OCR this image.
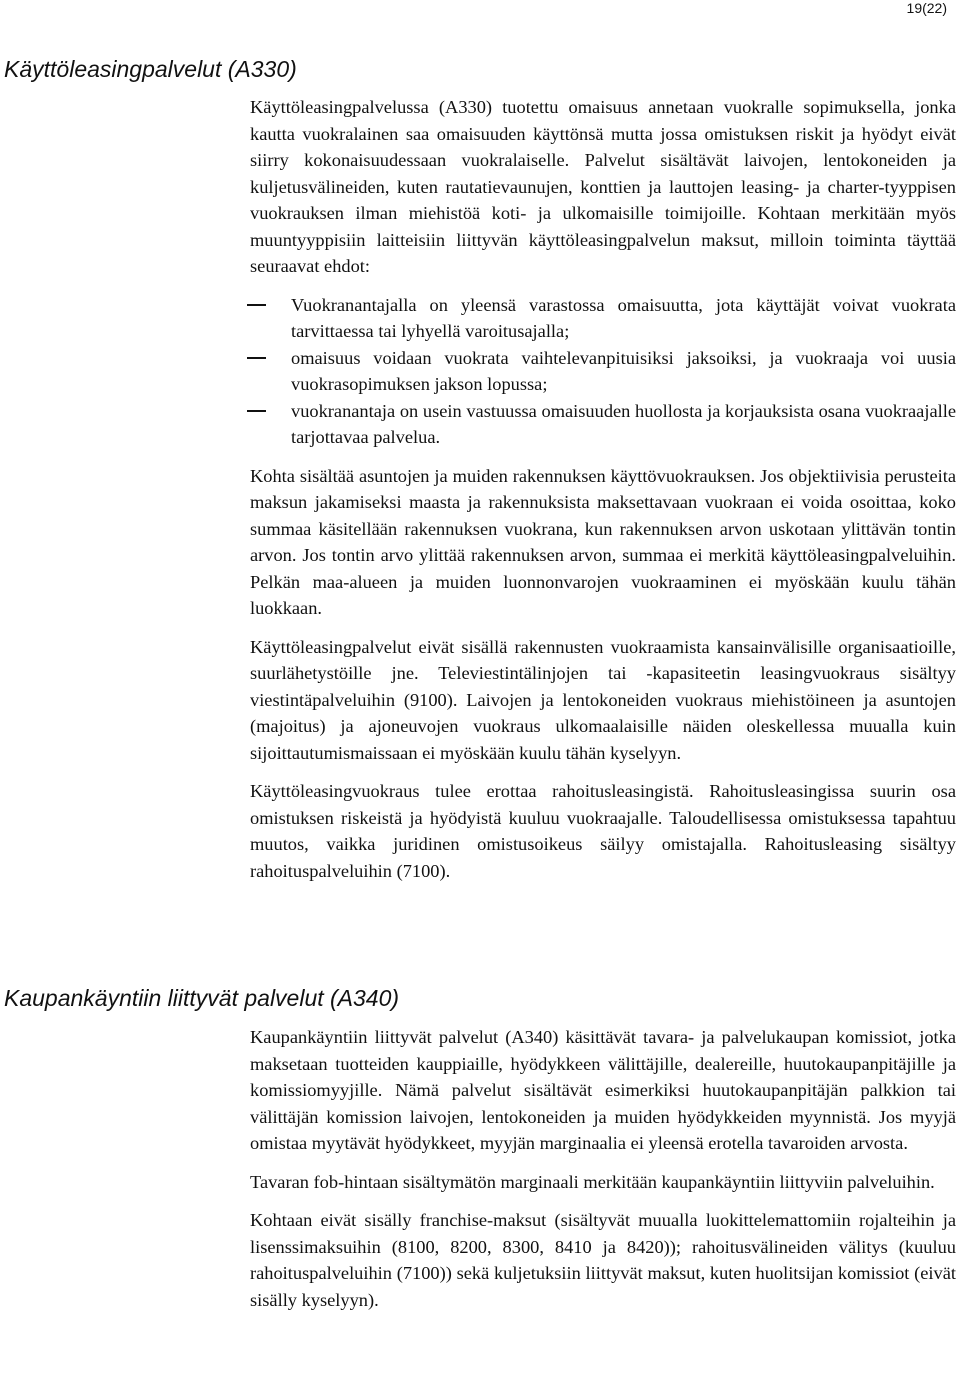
19(22)
Käyttöleasingpalvelut (A330)

Käyttöleasingpalvelussa (A330) tuotettu omaisuus annetaan vuokralle sopimuksella, jonka kautta vuokralainen saa omaisuuden käyttönsä mutta jossa omistuksen riskit ja hyödyt eivät siirry kokonaisuudessaan vuokralaiselle. Palvelut sisältävät laivojen, lentokoneiden ja kuljetusvälineiden, kuten rautatievaunujen, konttien ja lauttojen leasing- ja charter-tyyppisen vuokrauksen ilman miehistöä koti- ja ulkomaisille toimijoille. Kohtaan merkitään myös muuntyyppisiin laitteisiin liittyvän käyttöleasingpalvelun maksut, milloin toiminta täyttää seuraavat ehdot:

Vuokranantajalla on yleensä varastossa omaisuutta, jota käyttäjät voivat vuokrata tarvittaessa tai lyhyellä varoitusajalla;
omaisuus voidaan vuokrata vaihtelevanpituisiksi jaksoiksi, ja vuokraaja voi uusia vuokrasopimuksen jakson lopussa;
vuokranantaja on usein vastuussa omaisuuden huollosta ja korjauksista osana vuokraajalle tarjottavaa palvelua.

Kohta sisältää asuntojen ja muiden rakennuksen käyttövuokrauksen. Jos objektiivisia perusteita maksun jakamiseksi maasta ja rakennuksista maksettavaan vuokraan ei voida osoittaa, koko summaa käsitellään rakennuksen vuokrana, kun rakennuksen arvon uskotaan ylittävän tontin arvon. Jos tontin arvo ylittää rakennuksen arvon, summaa ei merkitä käyttöleasingpalveluihin. Pelkän maa-alueen ja muiden luonnonvarojen vuokraaminen ei myöskään kuulu tähän luokkaan.

Käyttöleasingpalvelut eivät sisällä rakennusten vuokraamista kansainvälisille organisaatioille, suurlähetystöille jne. Televiestintälinjojen tai -kapasiteetin leasingvuokraus sisältyy viestintäpalveluihin (9100). Laivojen ja lentokoneiden vuokraus miehistöineen ja asuntojen (majoitus) ja ajoneuvojen vuokraus ulkomaalaisille näiden oleskellessa muualla kuin sijoittautumismaissaan ei myöskään kuulu tähän kyselyyn.

Käyttöleasingvuokraus tulee erottaa rahoitusleasingistä. Rahoitusleasingissa suurin osa omistuksen riskeistä ja hyödyistä kuuluu vuokraajalle. Taloudellisessa omistuksessa tapahtuu muutos, vaikka juridinen omistusoikeus säilyy omistajalla. Rahoitusleasing sisältyy rahoituspalveluihin (7100).

Kaupankäyntiin liittyvät palvelut (A340)

Kaupankäyntiin liittyvät palvelut (A340) käsittävät tavara- ja palvelukaupan komissiot, jotka maksetaan tuotteiden kauppiaille, hyödykkeen välittäjille, dealereille, huutokaupanpitäjille ja komissiomyyjille. Nämä palvelut sisältävät esimerkiksi huutokaupanpitäjän palkkion tai välittäjän komission laivojen, lentokoneiden ja muiden hyödykkeiden myynnistä. Jos myyjä omistaa myytävät hyödykkeet, myyjän marginaalia ei yleensä erotella tavaroiden arvosta.

Tavaran fob-hintaan sisältymätön marginaali merkitään kaupankäyntiin liittyviin palveluihin.

Kohtaan eivät sisälly franchise-maksut (sisältyvät muualla luokittelemattomiin rojalteihin ja lisenssimaksuihin (8100, 8200, 8300, 8410 ja 8420)); rahoitusvälineiden välitys (kuuluu rahoituspalveluihin (7100)) sekä kuljetuksiin liittyvät maksut, kuten huolitsijan komissiot (eivät sisälly kyselyyn).
